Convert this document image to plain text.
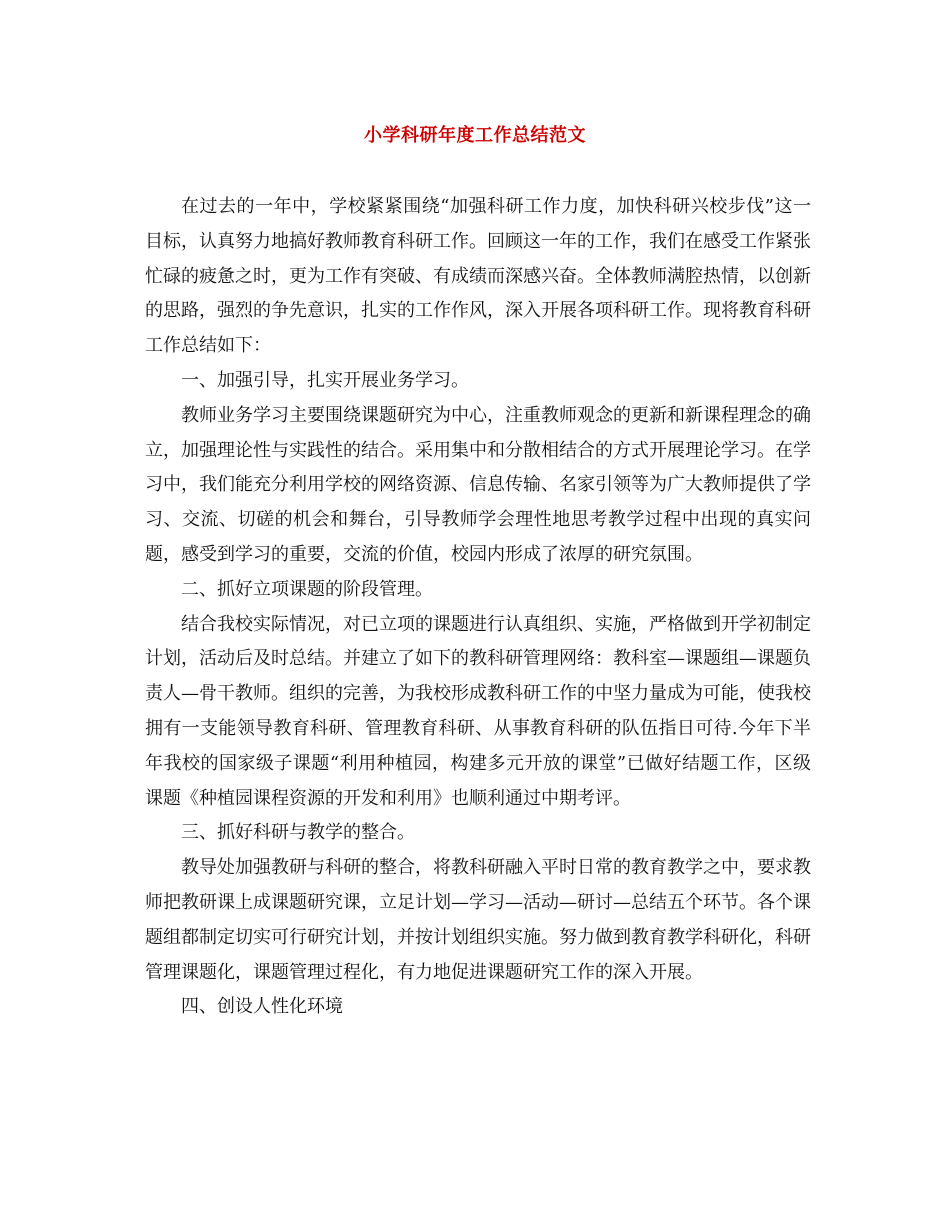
小学科研年度工作总结范文

在过去的一年中，学校紧紧围绕“加强科研工作力度，加快科研兴校步伐”这一目标，认真努力地搞好教师教育科研工作。回顾这一年的工作，我们在感受工作紧张忙碌的疲惫之时，更为工作有突破、有成绩而深感兴奋。全体教师满腔热情，以创新的思路，强烈的争先意识，扎实的工作作风，深入开展各项科研工作。现将教育科研工作总结如下：

一、加强引导，扎实开展业务学习。

教师业务学习主要围绕课题研究为中心，注重教师观念的更新和新课程理念的确立，加强理论性与实践性的结合。采用集中和分散相结合的方式开展理论学习。在学习中，我们能充分利用学校的网络资源、信息传输、名家引领等为广大教师提供了学习、交流、切磋的机会和舞台，引导教师学会理性地思考教学过程中出现的真实问题，感受到学习的重要，交流的价值，校园内形成了浓厚的研究氛围。

二、抓好立项课题的阶段管理。

结合我校实际情况，对已立项的课题进行认真组织、实施，严格做到开学初制定计划，活动后及时总结。并建立了如下的教科研管理网络：教科室—课题组—课题负责人—骨干教师。组织的完善，为我校形成教科研工作的中坚力量成为可能，使我校拥有一支能领导教育科研、管理教育科研、从事教育科研的队伍指日可待.今年下半年我校的国家级子课题“利用种植园，构建多元开放的课堂”已做好结题工作，区级课题《种植园课程资源的开发和利用》也顺利通过中期考评。

三、抓好科研与教学的整合。

教导处加强教研与科研的整合，将教科研融入平时日常的教育教学之中，要求教师把教研课上成课题研究课，立足计划—学习—活动—研讨—总结五个环节。各个课题组都制定切实可行研究计划，并按计划组织实施。努力做到教育教学科研化，科研管理课题化，课题管理过程化，有力地促进课题研究工作的深入开展。

四、创设人性化环境
